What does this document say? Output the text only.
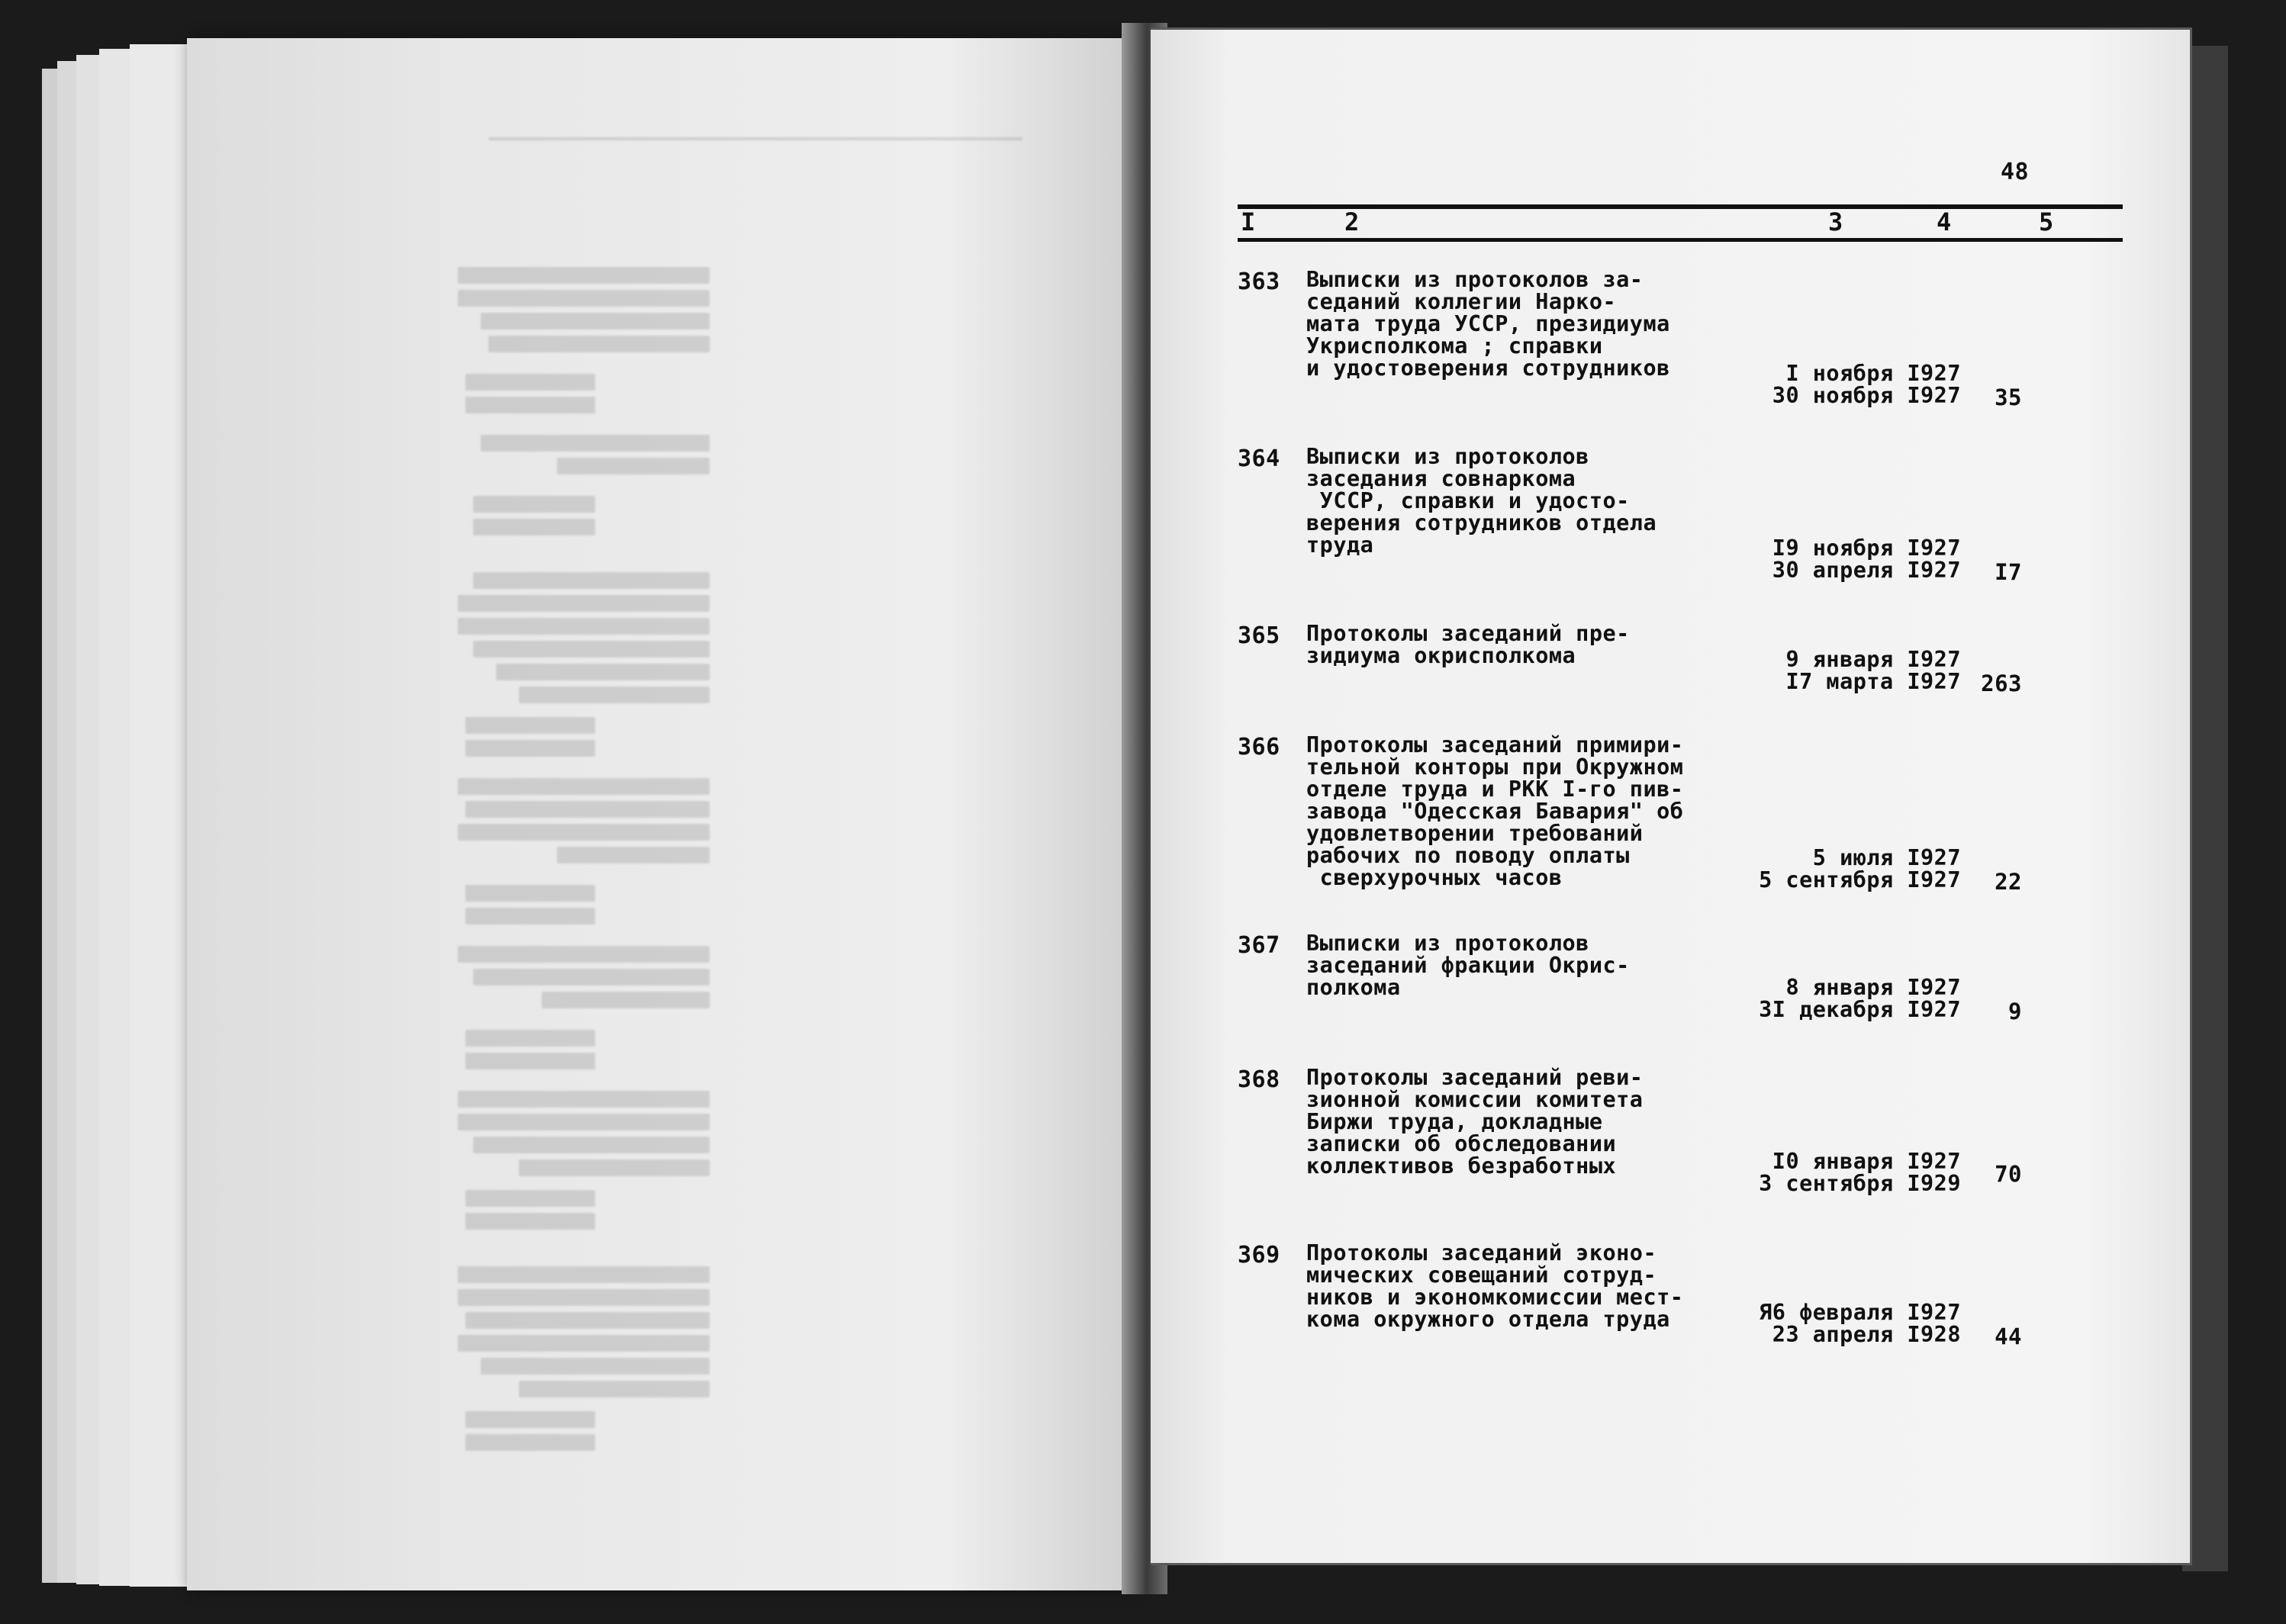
48
I	2	3	4	5
363 Выписки из протоколов за-
седаний коллегии Нарко-
мата труда УССР, президиума
Укрисполкома ; справки
и удостоверения сотрудников	I ноября I927
30 ноября I927	35
364 Выписки из протоколов
заседания совнаркома
УССР, справки и удосто-
верения сотрудников отдела
труда	I9 ноября I927
30 апреля I927	I7
365 Протоколы заседаний пре-
зидиума окрисполкома	9 января I927
I7 марта I927 263
366 Протоколы заседаний примири-
тельной конторы при Окружном
отделе труда и РКК I-го пив-
завода "Одесская Бавария" об
удовлетворении требований
рабочих по поводу оплаты
сверхурочных часов
5 июля I927
5 сентября I927	22
367 Выписки из протоколов
заседаний фракции Окрис-
полкома	8 января I927
3I декабря I927	9
368 Протоколы заседаний реви-
зионной комиссии комитета
Биржи труда, докладные
записки об обследовании
коллективов безработных	I0 января I927
3 сентября I929	70
369 Протоколы заседаний эконо-
мических совещаний сотруд-
ников и экономкомиссии мест-
кома окружного отдела труда	Я6 февраля I927
23 апреля I928	44
